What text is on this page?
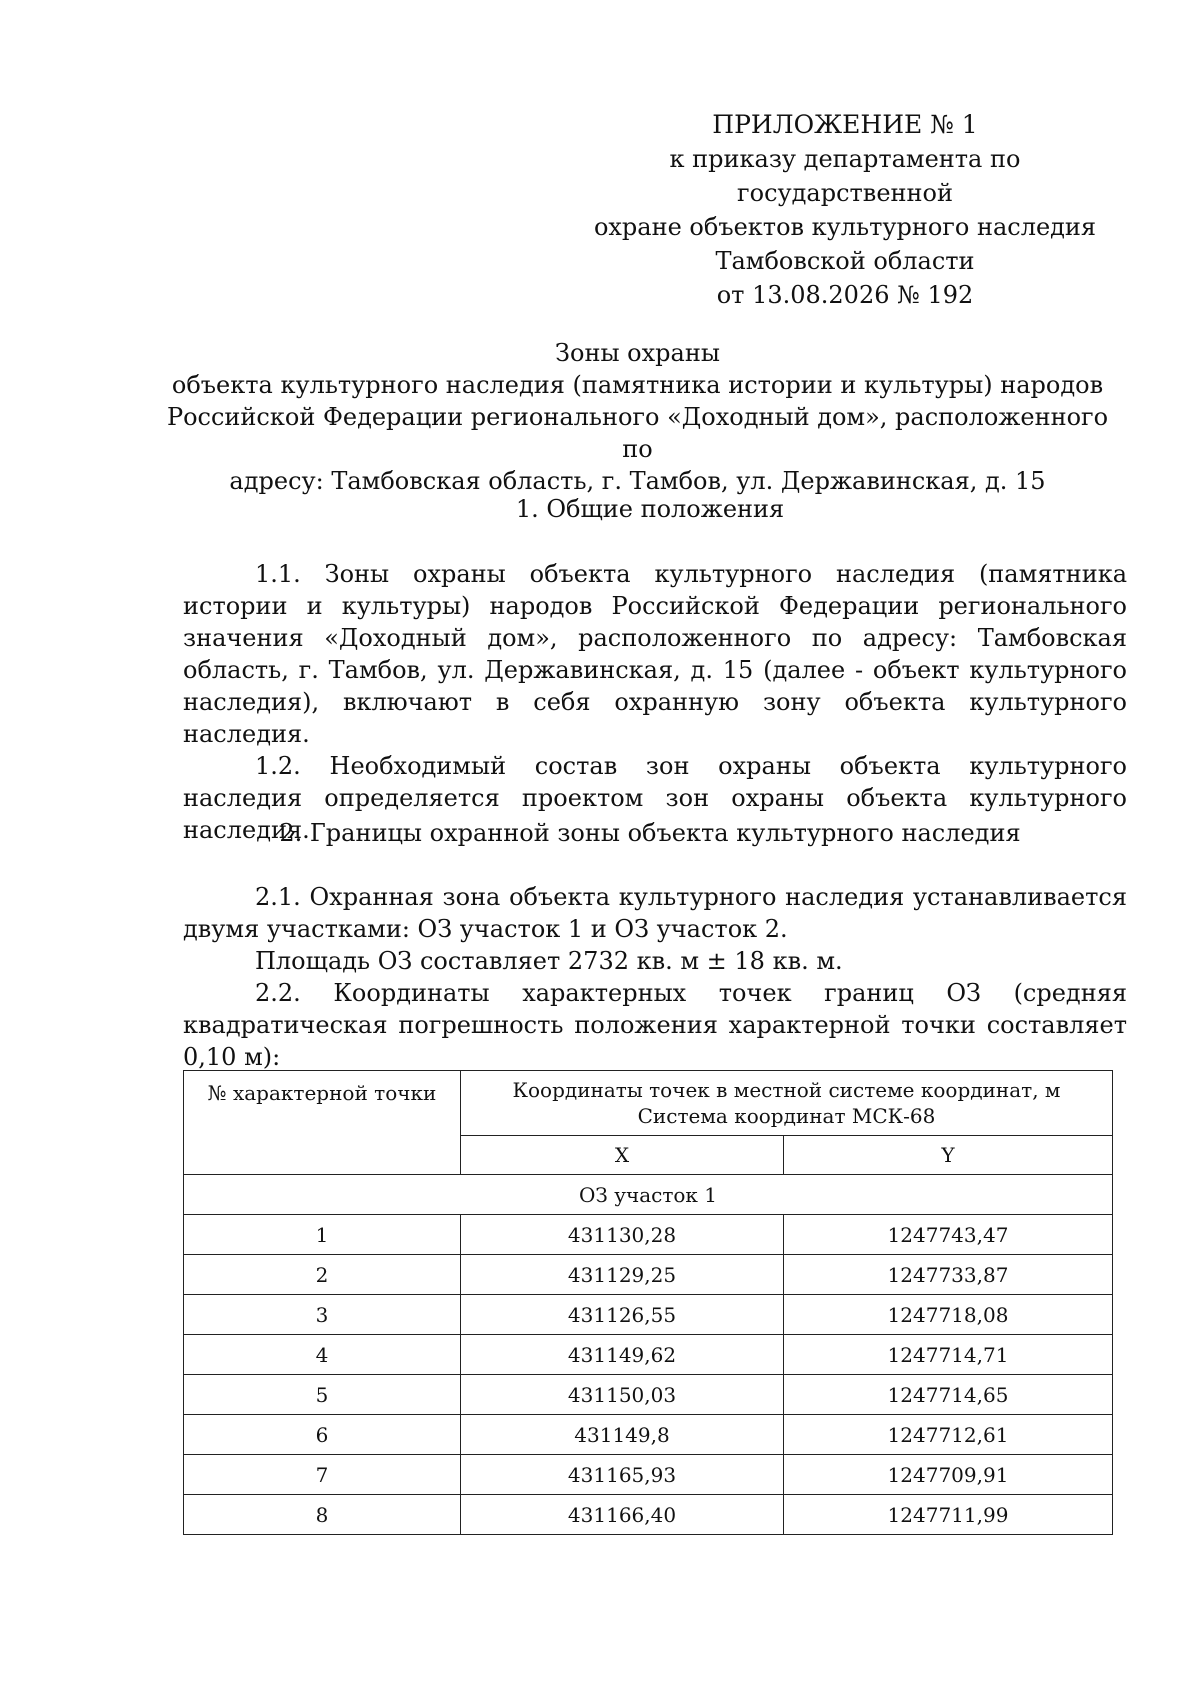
ПРИЛОЖЕНИЕ № 1
к приказу департамента по государственной
охране объектов культурного наследия
Тамбовской области
от 13.08.2026 № 192
Зоны охраны
объекта культурного наследия (памятника истории и культуры) народов
Российской Федерации регионального «Доходный дом», расположенного по
адресу: Тамбовская область, г. Тамбов, ул. Державинская, д. 15
1. Общие положения

1.1. Зоны охраны объекта культурного наследия (памятника истории и культуры) народов Российской Федерации регионального значения «Доходный дом», расположенного по адресу: Тамбовская область, г. Тамбов, ул. Державинская, д. 15 (далее - объект культурного наследия), включают в себя охранную зону объекта культурного наследия.

1.2. Необходимый состав зон охраны объекта культурного наследия определяется проектом зон охраны объекта культурного наследия.

2. Границы охранной зоны объекта культурного наследия

2.1. Охранная зона объекта культурного наследия устанавливается двумя участками: ОЗ участок 1 и ОЗ участок 2.

Площадь ОЗ составляет 2732 кв. м ± 18 кв. м.

2.2. Координаты характерных точек границ ОЗ (средняя квадратическая погрешность положения характерной точки составляет 0,10 м):

№ характерной точки	Координаты точек в местной системе координат, м
Система координат МСК-68	

	X	Y
ОЗ участок 1		
1	431130,28	1247743,47
2	431129,25	1247733,87
3	431126,55	1247718,08
4	431149,62	1247714,71
5	431150,03	1247714,65
6	431149,8	1247712,61
7	431165,93	1247709,91
8	431166,40	1247711,99
